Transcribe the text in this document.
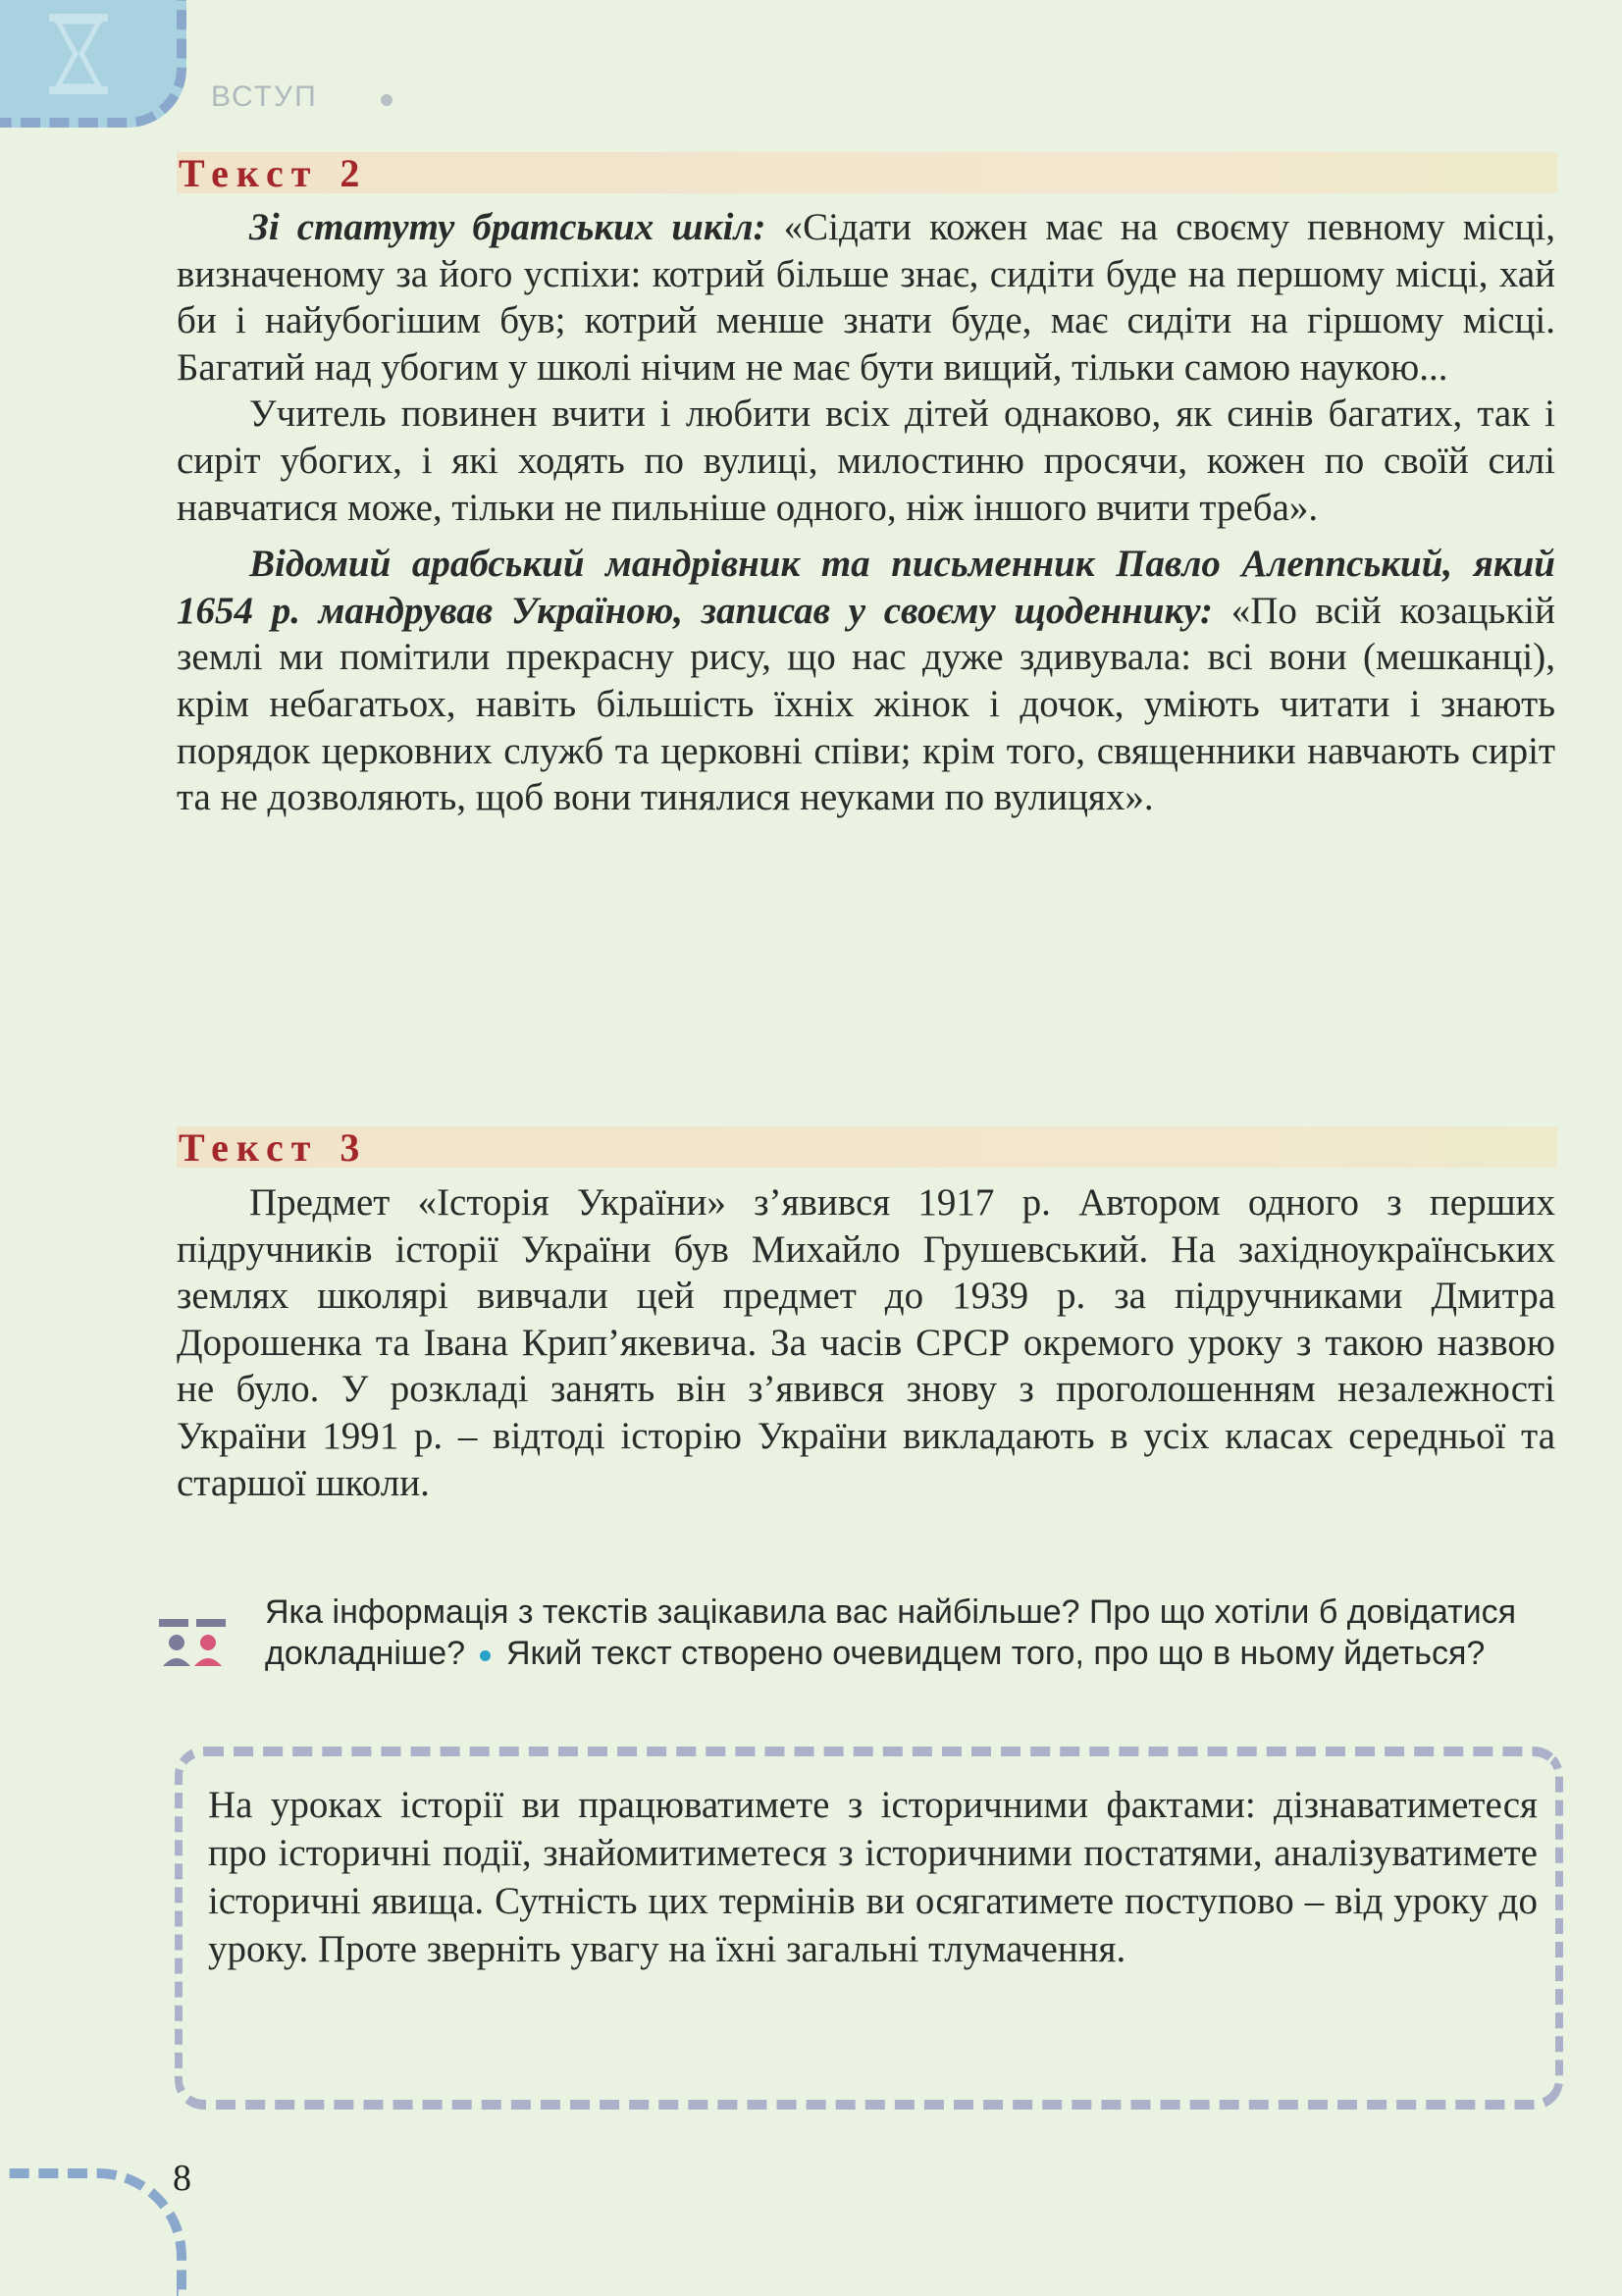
ВСТУП
Текст 2

Зі статуту братських шкіл: «Сідати кожен має на своєму певному місці, визначеному за його успіхи: котрий більше знає, сидіти буде на першому місці, хай би і найубогішим був; котрий менше знати буде, має сидіти на гіршому місці. Багатий над убогим у школі нічим не має бути вищий, тільки самою наукою...

Учитель повинен вчити і любити всіх дітей однаково, як синів багатих, так і сиріт убогих, і які ходять по вулиці, милостиню просячи, кожен по своїй силі навчатися може, тільки не пильніше одного, ніж іншого вчити треба».

Відомий арабський мандрівник та письменник Павло Алеппський, який 1654 р. мандрував Україною, записав у своєму щоденнику: «По всій козацькій землі ми помітили прекрасну рису, що нас дуже здивувала: всі вони (мешканці), крім небагатьох, навіть більшість їхніх жінок і дочок, уміють читати і знають порядок церковних служб та церковні співи; крім того, священники навчають сиріт та не дозволяють, щоб вони тинялися неуками по вулицях».

Текст 3

Предмет «Історія України» з’явився 1917 р. Автором одного з перших підручників історії України був Михайло Грушевський. На західноукраїнських землях школярі вивчали цей предмет до 1939 р. за підручниками Дмитра Дорошенка та Івана Крип’якевича. За часів СРСР окремого уроку з такою назвою не було. У розкладі занять він з’явився знову з проголошенням незалежності України 1991 р. – відтоді історію України викладають в усіх класах середньої та старшої школи.

Яка інформація з текстів зацікавила вас найбільше? Про що хотіли б довідатися докладніше? Який текст створено очевидцем того, про що в ньому йдеться?
На уроках історії ви працюватимете з історичними фактами: дізнаватиметеся про історичні події, знайомитиметеся з історичними постатями, аналізуватимете історичні явища. Сутність цих термінів ви осягатимете поступово – від уроку до уроку. Проте зверніть увагу на їхні загальні тлумачення.
8
